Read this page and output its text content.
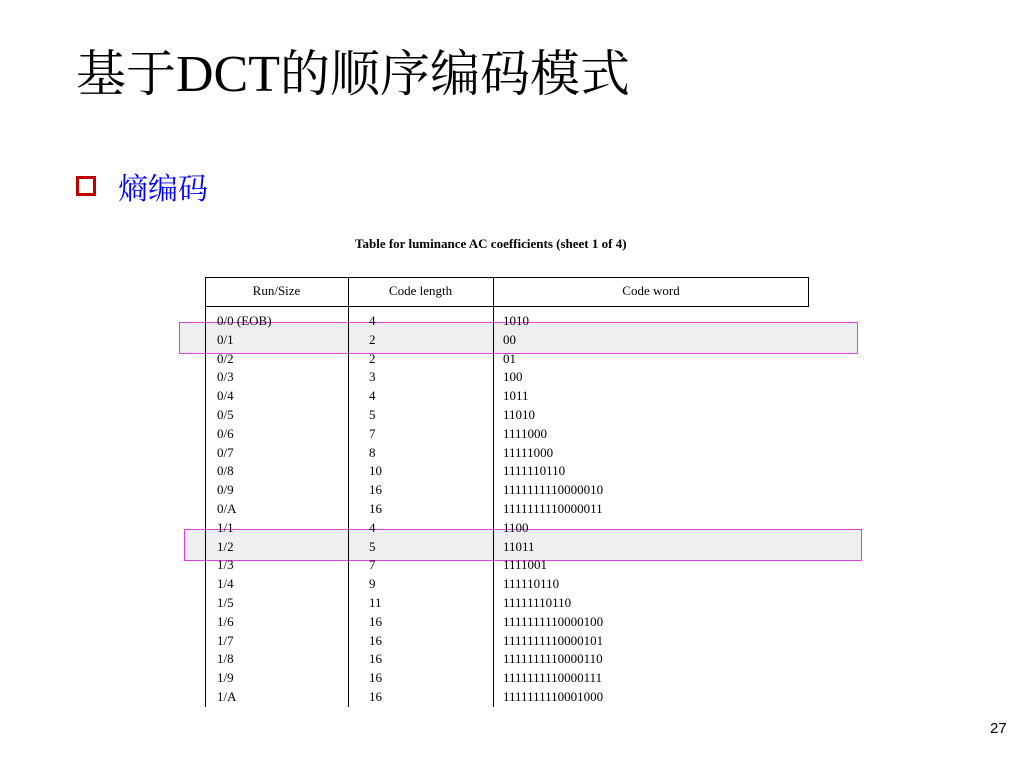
基于DCT的顺序编码模式
熵编码
Table for luminance AC coefficients (sheet 1 of 4)
Run/Size	Code length	Code word
0/0 (EOB)	4	1010
0/1	2	00
0/2	2	01
0/3	3	100
0/4	4	1011
0/5	5	11010
0/6	7	1111000
0/7	8	11111000
0/8	10	1111110110
0/9	16	1111111110000010
0/A	16	1111111110000011
1/1	4	1100
1/2	5	11011
1/3	7	1111001
1/4	9	111110110
1/5	11	11111110110
1/6	16	1111111110000100
1/7	16	1111111110000101
1/8	16	1111111110000110
1/9	16	1111111110000111
1/A	16	1111111110001000
27
